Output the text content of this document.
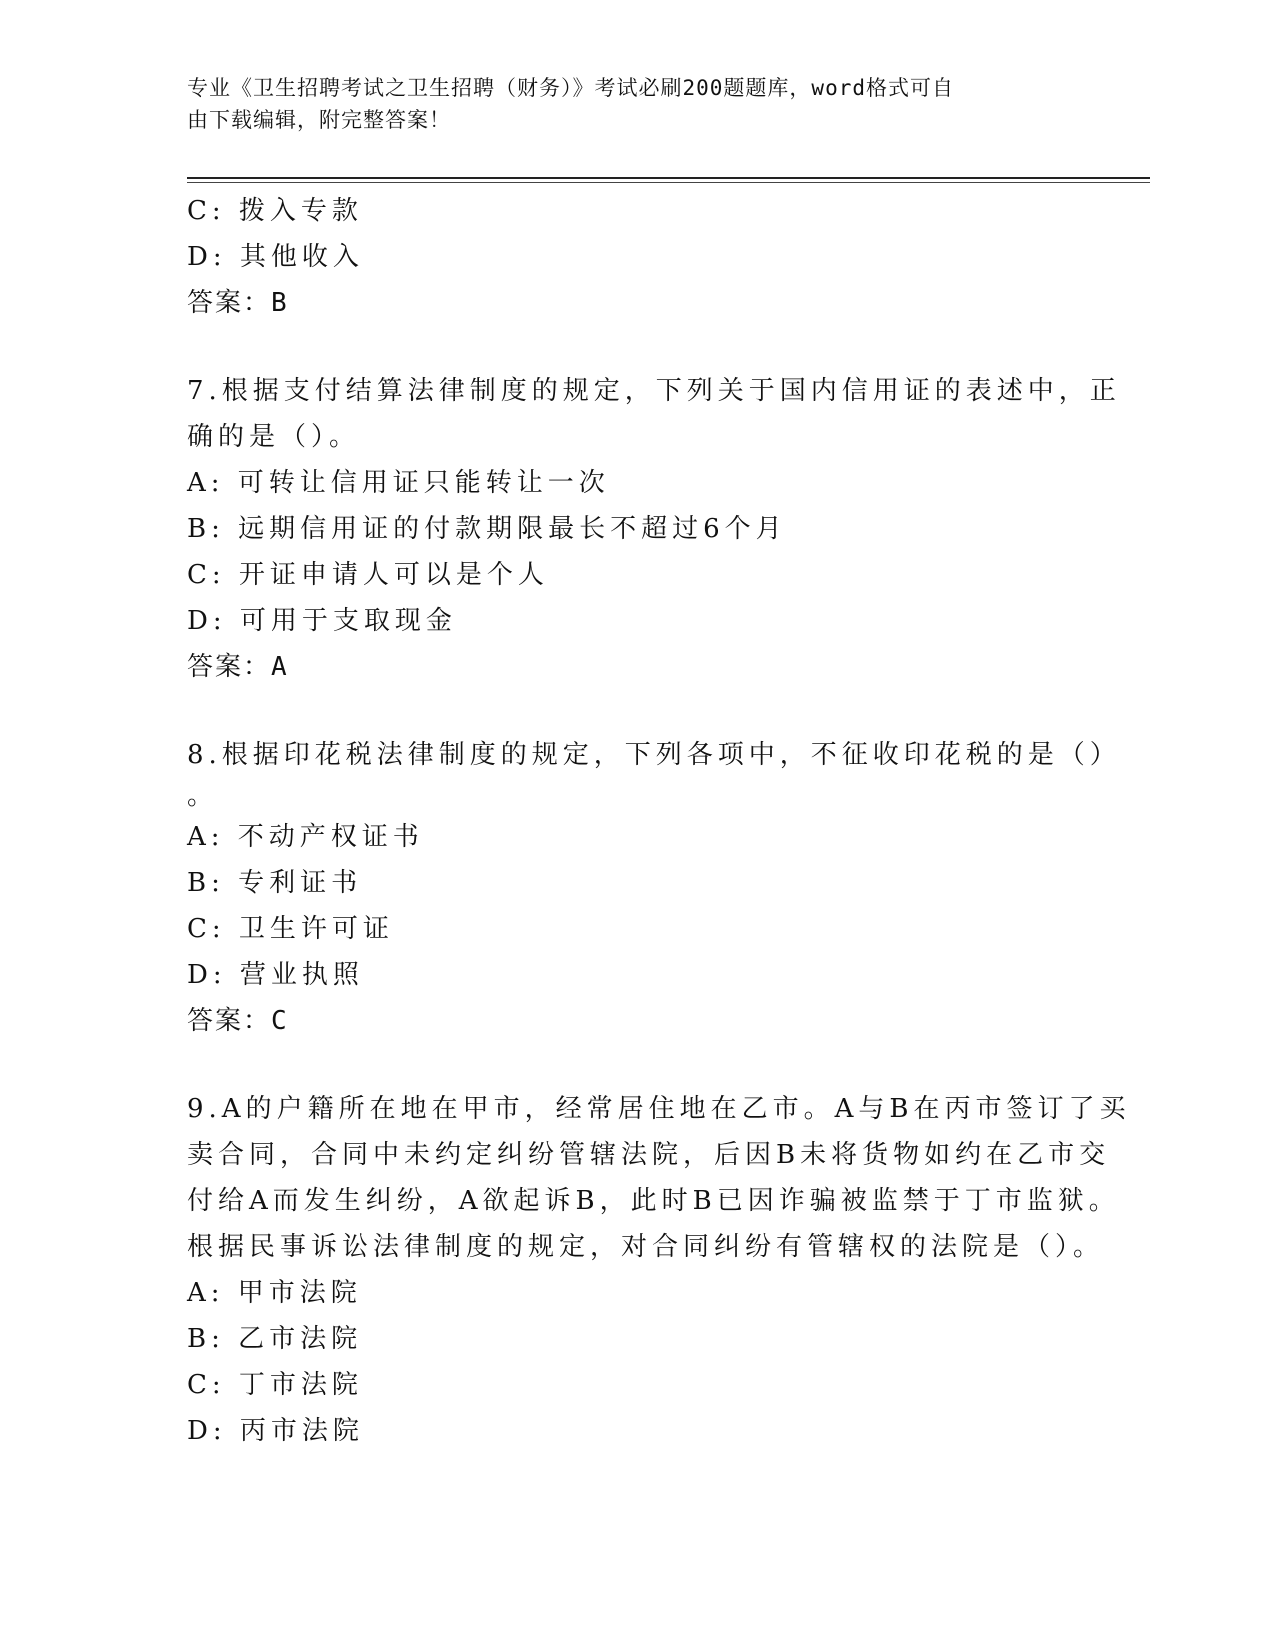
专业《卫生招聘考试之卫生招聘（财务）》考试必刷200题题库，word格式可自
由下载编辑，附完整答案！
C: 拨入专款
D: 其他收入
答案：B
7.根据支付结算法律制度的规定，下列关于国内信用证的表述中，正
确的是（）。
A: 可转让信用证只能转让一次
B: 远期信用证的付款期限最长不超过6个月
C: 开证申请人可以是个人
D: 可用于支取现金
答案：A
8.根据印花税法律制度的规定，下列各项中，不征收印花税的是（）
。
A: 不动产权证书
B: 专利证书
C: 卫生许可证
D: 营业执照
答案：C
9.A的户籍所在地在甲市，经常居住地在乙市。A与B在丙市签订了买
卖合同，合同中未约定纠纷管辖法院，后因B未将货物如约在乙市交
付给A而发生纠纷，A欲起诉B，此时B已因诈骗被监禁于丁市监狱。
根据民事诉讼法律制度的规定，对合同纠纷有管辖权的法院是（）。
A: 甲市法院
B: 乙市法院
C: 丁市法院
D: 丙市法院
